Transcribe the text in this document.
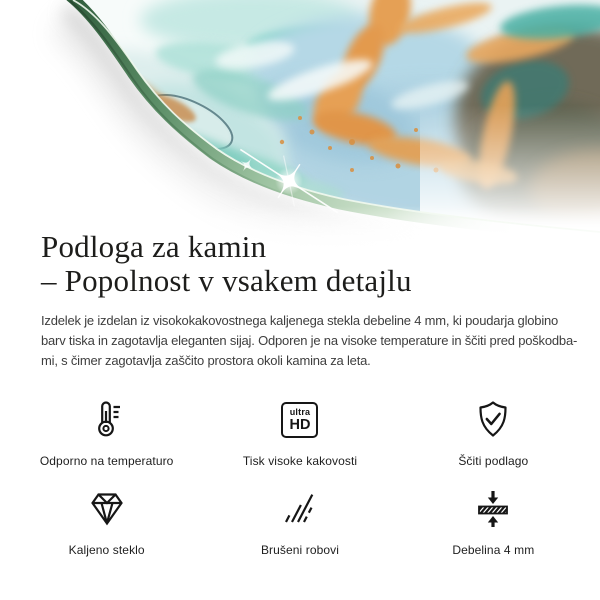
Podloga za kamin
– Popolnost v vsakem detajlu

Izdelek je izdelan iz visokokakovostnega kaljenega stekla debeline 4 mm, ki poudarja globino
barv tiska in zagotavlja eleganten sijaj. Odporen je na visoke temperature in ščiti pred poškodba-
mi, s čimer zagotavlja zaščito prostora okoli kamina za leta.

Odporno na temperaturo
ultra
HD
Tisk visoke kakovosti	Ščiti podlago
Kaljeno steklo	Brušeni robovi	Debelina 4 mm
